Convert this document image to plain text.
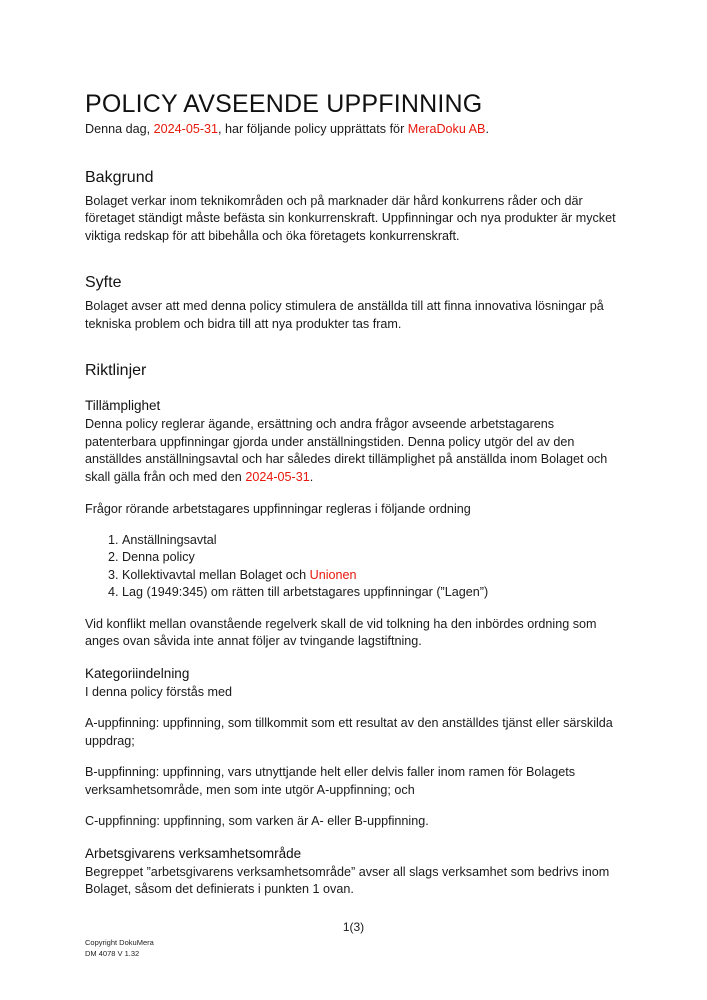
POLICY AVSEENDE UPPFINNING

Denna dag, 2024-05-31, har följande policy upprättats för MeraDoku AB.

Bakgrund

Bolaget verkar inom teknikområden och på marknader där hård konkurrens råder och där företaget ständigt måste befästa sin konkurrenskraft. Uppfinningar och nya produkter är mycket viktiga redskap för att bibehålla och öka företagets konkurrenskraft.

Syfte

Bolaget avser att med denna policy stimulera de anställda till att finna innovativa lösningar på tekniska problem och bidra till att nya produkter tas fram.

Riktlinjer
Tillämplighet

Denna policy reglerar ägande, ersättning och andra frågor avseende arbetstagarens patenterbara uppfinningar gjorda under anställningstiden. Denna policy utgör del av den anställdes anställningsavtal och har således direkt tillämplighet på anställda inom Bolaget och skall gälla från och med den 2024-05-31.

Frågor rörande arbetstagares uppfinningar regleras i följande ordning

1. Anställningsavtal
2. Denna policy
3. Kollektivavtal mellan Bolaget och Unionen
4. Lag (1949:345) om rätten till arbetstagares uppfinningar (”Lagen”)

Vid konflikt mellan ovanstående regelverk skall de vid tolkning ha den inbördes ordning som anges ovan såvida inte annat följer av tvingande lagstiftning.

Kategoriindelning

I denna policy förstås med

A-uppfinning: uppfinning, som tillkommit som ett resultat av den anställdes tjänst eller särskilda uppdrag;

B-uppfinning: uppfinning, vars utnyttjande helt eller delvis faller inom ramen för Bolagets verksamhetsområde, men som inte utgör A-uppfinning; och

C-uppfinning: uppfinning, som varken är A- eller B-uppfinning.

Arbetsgivarens verksamhetsområde

Begreppet ”arbetsgivarens verksamhetsområde” avser all slags verksamhet som bedrivs inom Bolaget, såsom det definierats i punkten 1 ovan.

1(3)
Copyright DokuMera
DM 4078 V 1.32
